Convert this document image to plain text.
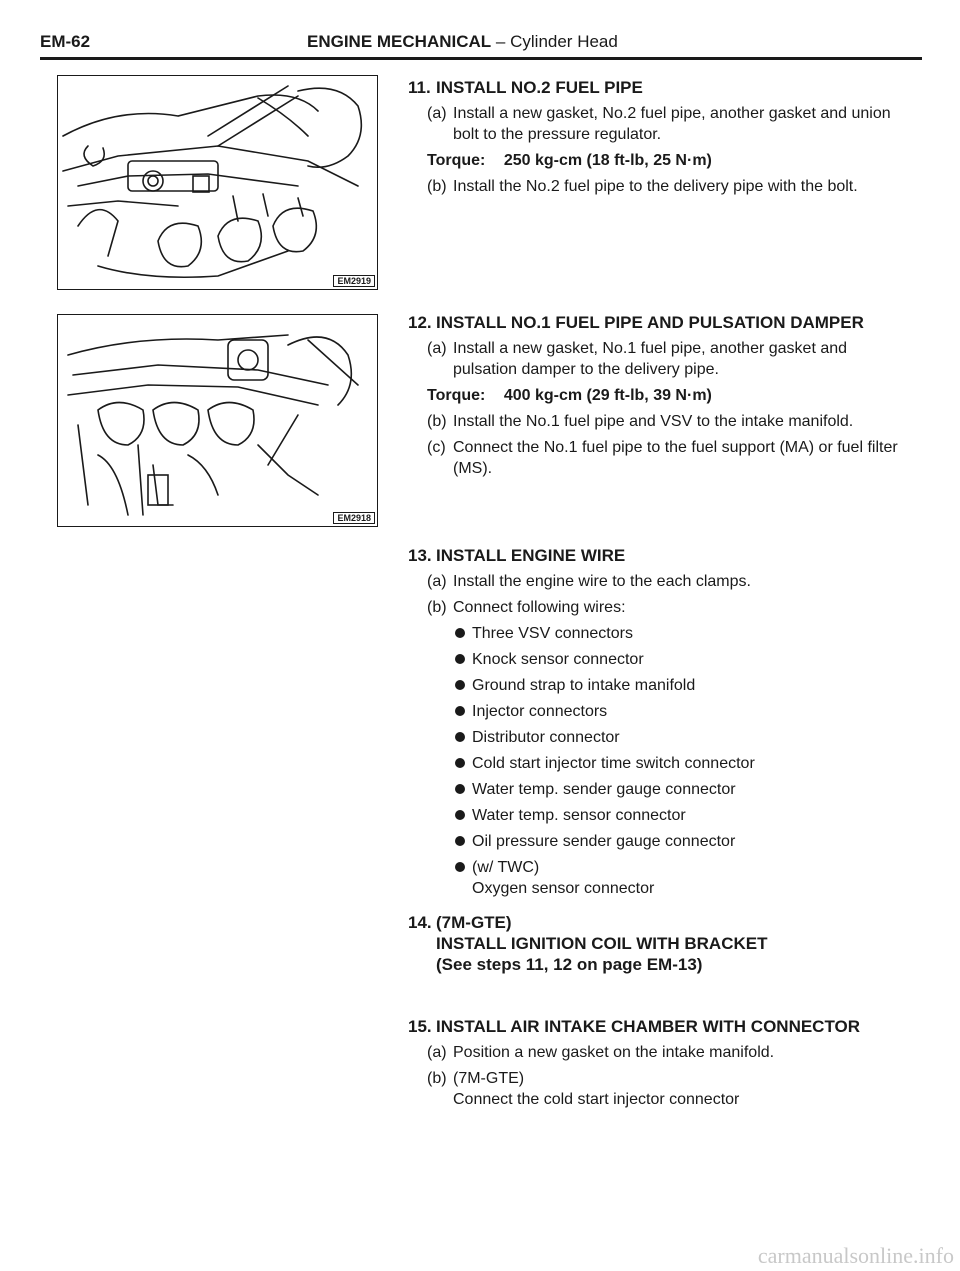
EM-62	ENGINE MECHANICAL – Cylinder Head
EM2919
EM2918
11. INSTALL NO.2 FUEL PIPE
(a) Install a new gasket, No.2 fuel pipe, another gasket and union bolt to the pressure regulator.
Torque: 250 kg-cm (18 ft-lb, 25 N·m)
(b) Install the No.2 fuel pipe to the delivery pipe with the bolt.
12. INSTALL NO.1 FUEL PIPE AND PULSATION DAMPER
(a) Install a new gasket, No.1 fuel pipe, another gasket and pulsation damper to the delivery pipe.
Torque: 400 kg-cm (29 ft-lb, 39 N·m)
(b) Install the No.1 fuel pipe and VSV to the intake manifold.
(c) Connect the No.1 fuel pipe to the fuel support (MA) or fuel filter (MS).
13. INSTALL ENGINE WIRE
(a) Install the engine wire to the each clamps.
(b) Connect following wires:
Three VSV connectors
Knock sensor connector
Ground strap to intake manifold
Injector connectors
Distributor connector
Cold start injector time switch connector
Water temp. sender gauge connector
Water temp. sensor connector
Oil pressure sender gauge connector
(w/ TWC)
Oxygen sensor connector
14. (7M-GTE)
INSTALL IGNITION COIL WITH BRACKET
(See steps 11, 12 on page EM-13)
15. INSTALL AIR INTAKE CHAMBER WITH CONNECTOR
(a) Position a new gasket on the intake manifold.
(b) (7M-GTE)
Connect the cold start injector connector
carmanualsonline.info
